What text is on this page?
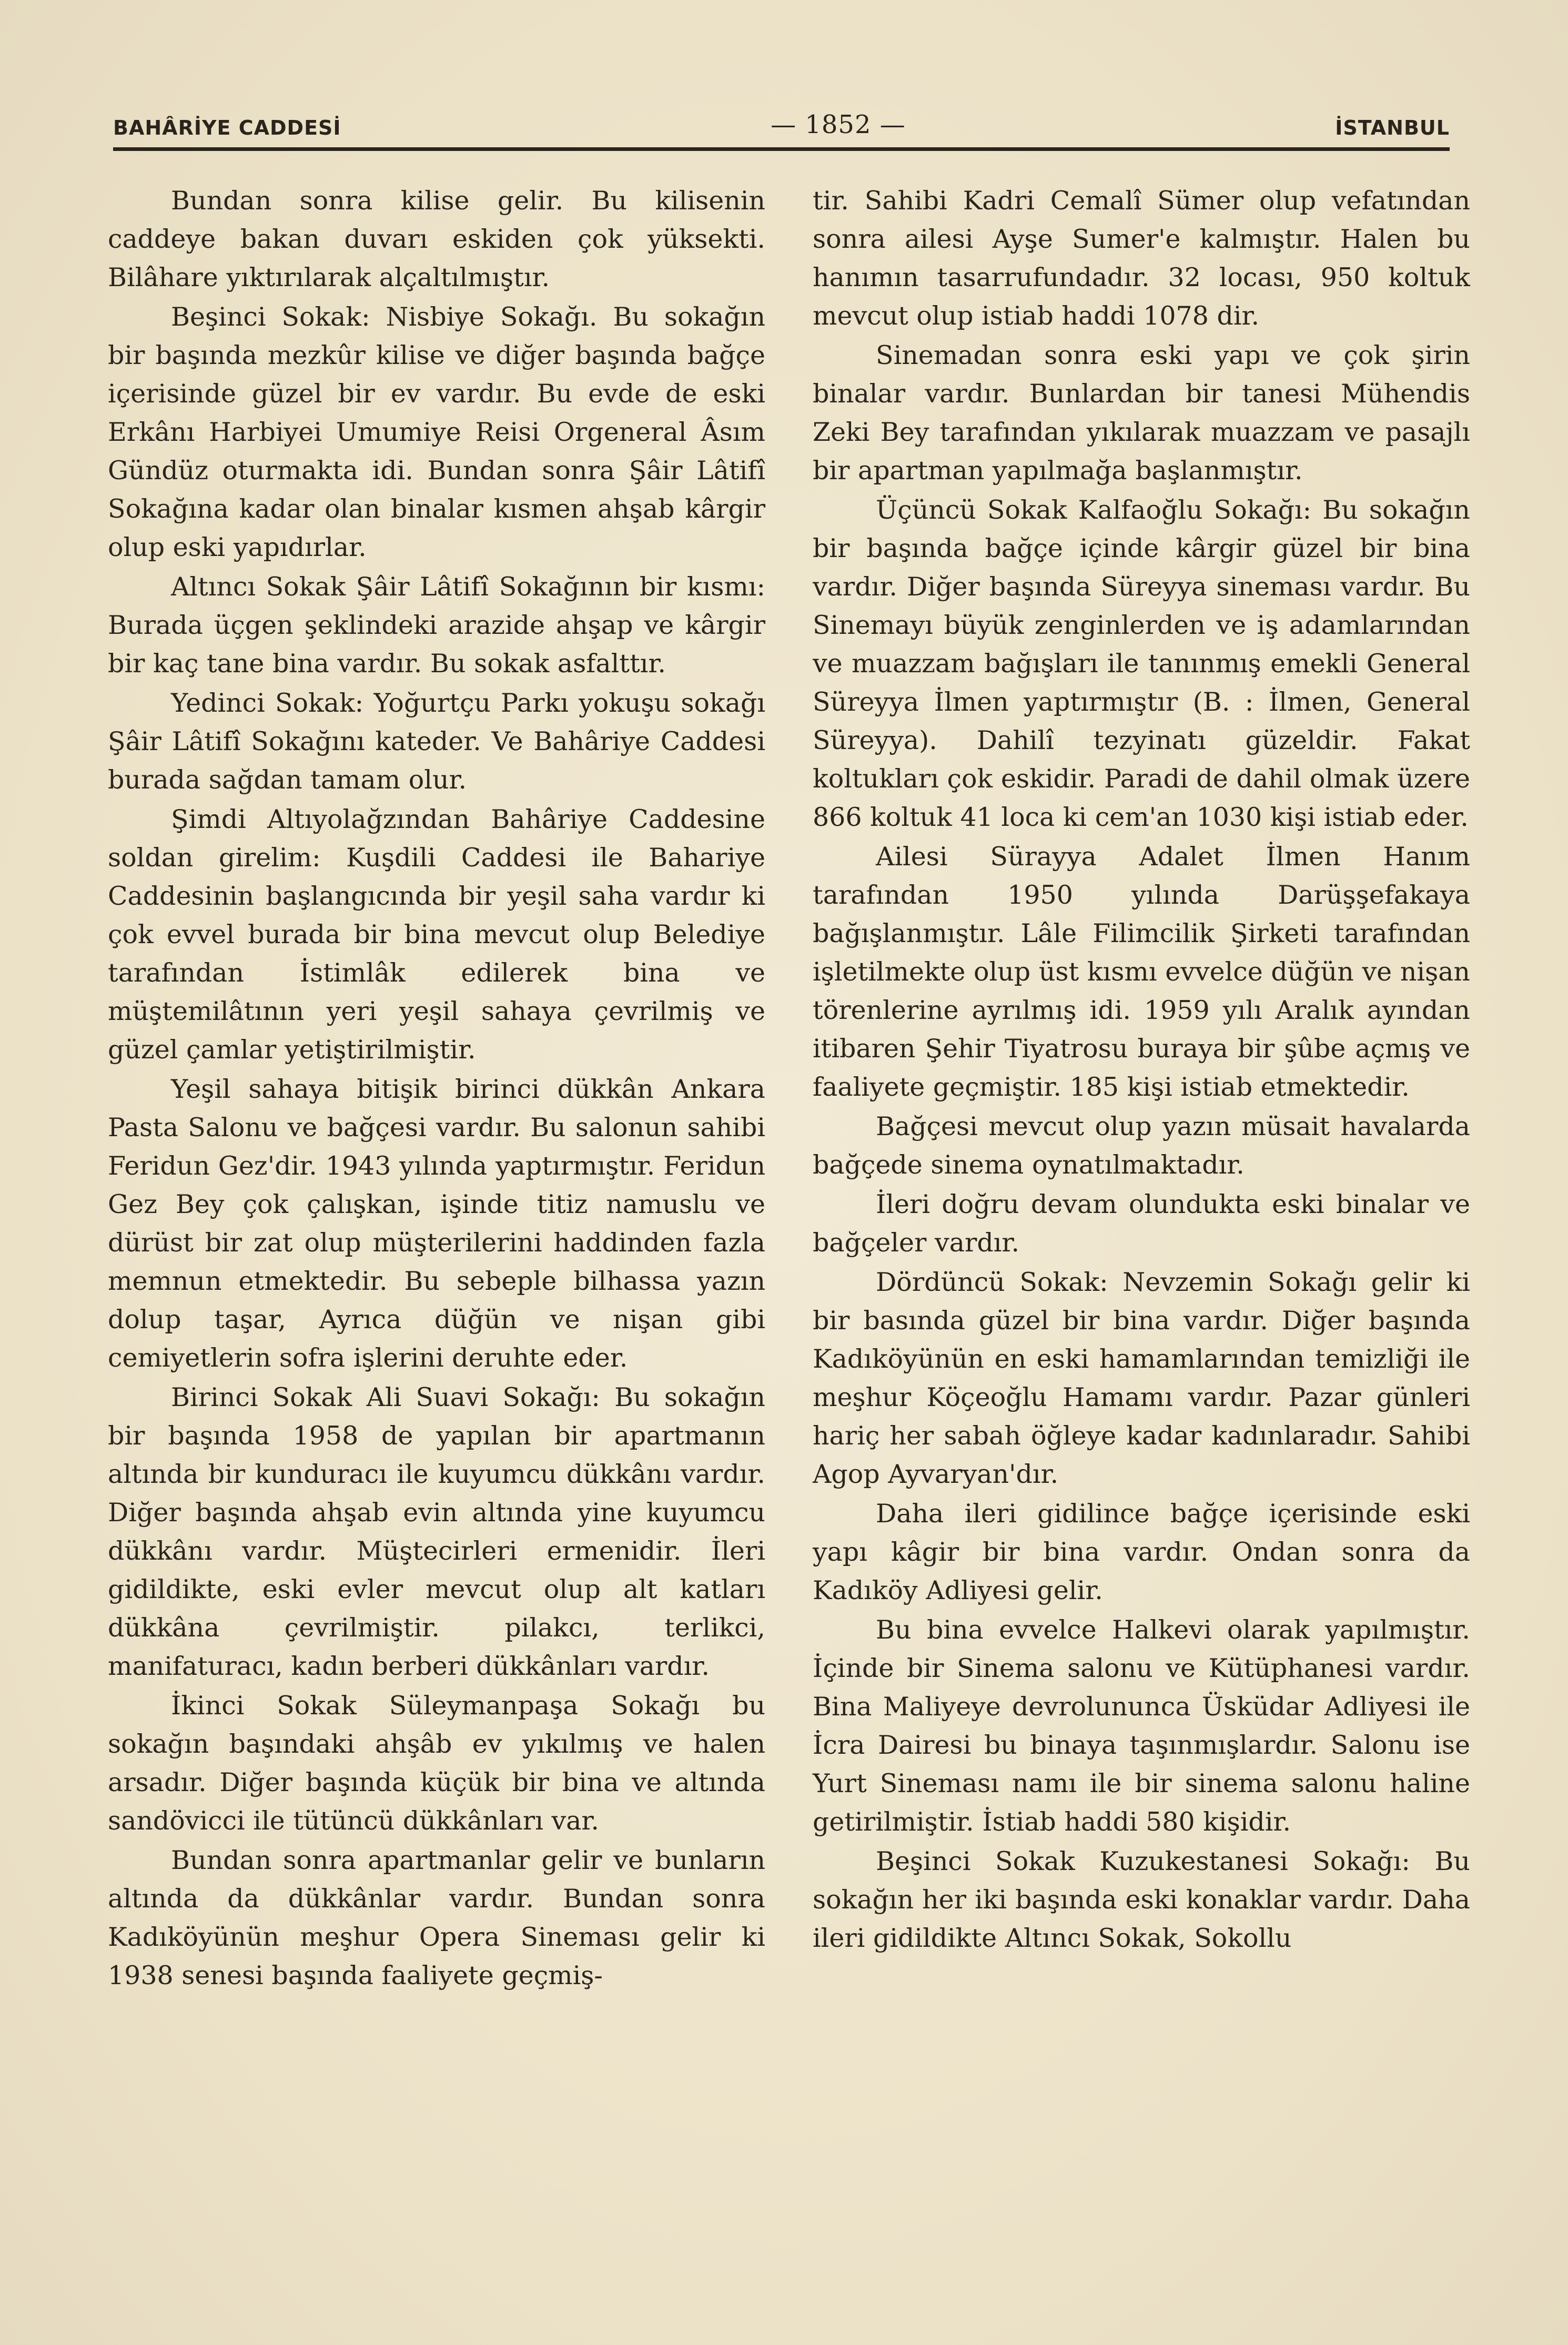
BAHÂRİYE CADDESİ	— 1852 —	İSTANBUL

Bundan sonra kilise gelir. Bu kilisenin caddeye bakan duvarı eskiden çok yüksekti. Bilâhare yıktırılarak alçaltılmıştır.

Beşinci Sokak: Nisbiye Sokağı. Bu sokağın bir başında mezkûr kilise ve diğer başında bağçe içerisinde güzel bir ev vardır. Bu evde de eski Erkânı Harbiyei Umumiye Reisi Orgeneral Âsım Gündüz oturmakta idi. Bundan sonra Şâir Lâtifî Sokağına kadar olan binalar kısmen ahşab kârgir olup eski yapıdırlar.

Altıncı Sokak Şâir Lâtifî Sokağının bir kısmı: Burada üçgen şeklindeki arazide ahşap ve kârgir bir kaç tane bina vardır. Bu sokak asfalttır.

Yedinci Sokak: Yoğurtçu Parkı yokuşu sokağı Şâir Lâtifî Sokağını kateder. Ve Bahâriye Caddesi burada sağdan tamam olur.

Şimdi Altıyolağzından Bahâriye Caddesine soldan girelim: Kuşdili Caddesi ile Bahariye Caddesinin başlangıcında bir yeşil saha vardır ki çok evvel burada bir bina mevcut olup Belediye tarafından İstimlâk edilerek bina ve müştemilâtının yeri yeşil sahaya çevrilmiş ve güzel çamlar yetiştirilmiştir.

Yeşil sahaya bitişik birinci dükkân Ankara Pasta Salonu ve bağçesi vardır. Bu salonun sahibi Feridun Gez'dir. 1943 yılında yaptırmıştır. Feridun Gez Bey çok çalışkan, işinde titiz namuslu ve dürüst bir zat olup müşterilerini haddinden fazla memnun etmektedir. Bu sebeple bilhassa yazın dolup taşar, Ayrıca düğün ve nişan gibi cemiyetlerin sofra işlerini deruhte eder.

Birinci Sokak Ali Suavi Sokağı: Bu sokağın bir başında 1958 de yapılan bir apartmanın altında bir kunduracı ile kuyumcu dükkânı vardır. Diğer başında ahşab evin altında yine kuyumcu dükkânı vardır. Müştecirleri ermenidir. İleri gidildikte, eski evler mevcut olup alt katları dükkâna çevrilmiştir. pilakcı, terlikci, manifaturacı, kadın berberi dükkânları vardır.

İkinci Sokak Süleymanpaşa Sokağı bu sokağın başındaki ahşâb ev yıkılmış ve halen arsadır. Diğer başında küçük bir bina ve altında sandövicci ile tütüncü dükkânları var.

Bundan sonra apartmanlar gelir ve bunların altında da dükkânlar vardır. Bundan sonra Kadıköyünün meşhur Opera Sineması gelir ki 1938 senesi başında faaliyete geçmiş-

tir. Sahibi Kadri Cemalî Sümer olup vefatından sonra ailesi Ayşe Sumer'e kalmıştır. Halen bu hanımın tasarrufundadır. 32 locası, 950 koltuk mevcut olup istiab haddi 1078 dir.

Sinemadan sonra eski yapı ve çok şirin binalar vardır. Bunlardan bir tanesi Mühendis Zeki Bey tarafından yıkılarak muazzam ve pasajlı bir apartman yapılmağa başlanmıştır.

Üçüncü Sokak Kalfaoğlu Sokağı: Bu sokağın bir başında bağçe içinde kârgir güzel bir bina vardır. Diğer başında Süreyya sineması vardır. Bu Sinemayı büyük zenginlerden ve iş adamlarından ve muazzam bağışları ile tanınmış emekli General Süreyya İlmen yaptırmıştır (B. : İlmen, General Süreyya). Dahilî tezyinatı güzeldir. Fakat koltukları çok eskidir. Paradi de dahil olmak üzere 866 koltuk 41 loca ki cem'an 1030 kişi istiab eder.

Ailesi Sürayya Adalet İlmen Hanım tarafından 1950 yılında Darüşşefakaya bağışlanmıştır. Lâle Filimcilik Şirketi tarafından işletilmekte olup üst kısmı evvelce düğün ve nişan törenlerine ayrılmış idi. 1959 yılı Aralık ayından itibaren Şehir Tiyatrosu buraya bir şûbe açmış ve faaliyete geçmiştir. 185 kişi istiab etmektedir.

Bağçesi mevcut olup yazın müsait havalarda bağçede sinema oynatılmaktadır.

İleri doğru devam olundukta eski binalar ve bağçeler vardır.

Dördüncü Sokak: Nevzemin Sokağı gelir ki bir basında güzel bir bina vardır. Diğer başında Kadıköyünün en eski hamamlarından temizliği ile meşhur Köçeoğlu Hamamı vardır. Pazar günleri hariç her sabah öğleye kadar kadınlaradır. Sahibi Agop Ayvaryan'dır.

Daha ileri gidilince bağçe içerisinde eski yapı kâgir bir bina vardır. Ondan sonra da Kadıköy Adliyesi gelir.

Bu bina evvelce Halkevi olarak yapılmıştır. İçinde bir Sinema salonu ve Kütüphanesi vardır. Bina Maliyeye devrolununca Üsküdar Adliyesi ile İcra Dairesi bu binaya taşınmışlardır. Salonu ise Yurt Sineması namı ile bir sinema salonu haline getirilmiştir. İstiab haddi 580 kişidir.

Beşinci Sokak Kuzukestanesi Sokağı: Bu sokağın her iki başında eski konaklar vardır. Daha ileri gidildikte Altıncı Sokak, Sokollu
